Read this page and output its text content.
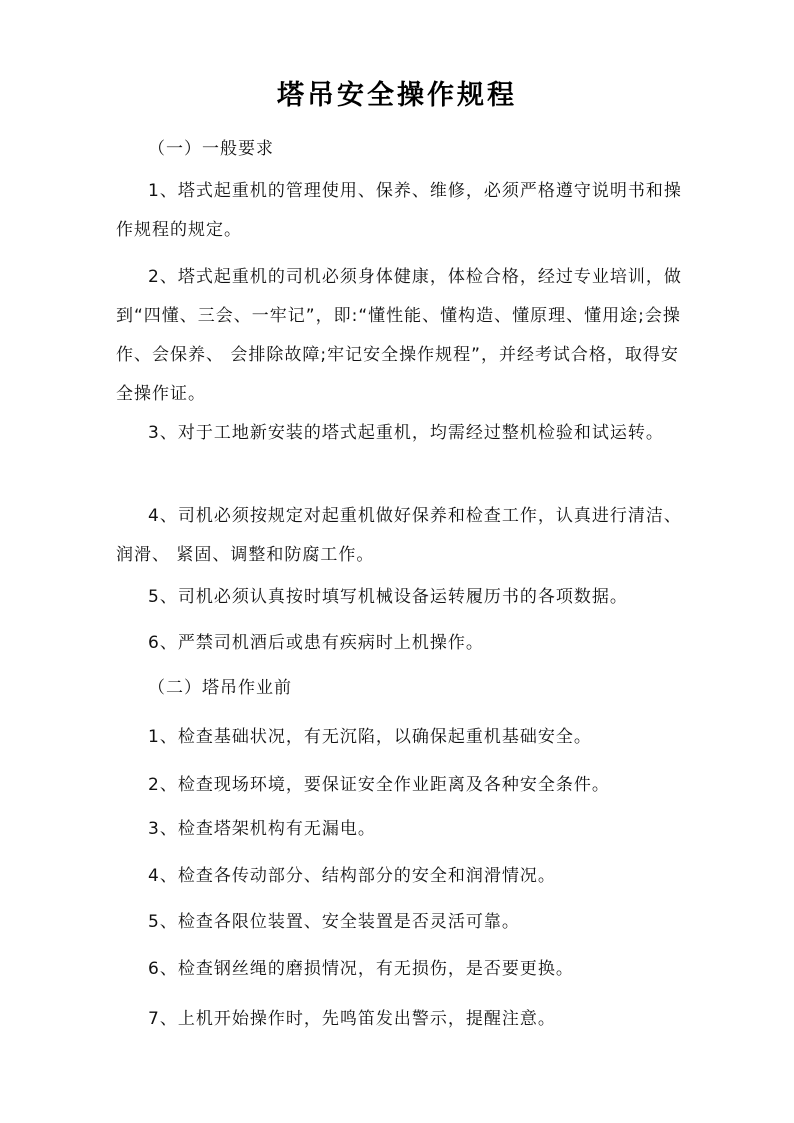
塔吊安全操作规程

（一）一般要求

1、塔式起重机的管理使用、保养、维修，必须严格遵守说明书和操作规程的规定。

2、塔式起重机的司机必须身体健康，体检合格，经过专业培训，做到“四懂、三会、一牢记”，即:“懂性能、懂构造、懂原理、懂用途;会操作、会保养、 会排除故障;牢记安全操作规程”，并经考试合格，取得安全操作证。

3、对于工地新安装的塔式起重机，均需经过整机检验和试运转。

4、司机必须按规定对起重机做好保养和检查工作，认真进行清洁、润滑、 紧固、调整和防腐工作。

5、司机必须认真按时填写机械设备运转履历书的各项数据。

6、严禁司机酒后或患有疾病时上机操作。

（二）塔吊作业前

1、检查基础状况，有无沉陷，以确保起重机基础安全。

2、检查现场环境，要保证安全作业距离及各种安全条件。

3、检查塔架机构有无漏电。

4、检查各传动部分、结构部分的安全和润滑情况。

5、检查各限位装置、安全装置是否灵活可靠。

6、检查钢丝绳的磨损情况，有无损伤，是否要更换。

7、上机开始操作时，先鸣笛发出警示，提醒注意。
